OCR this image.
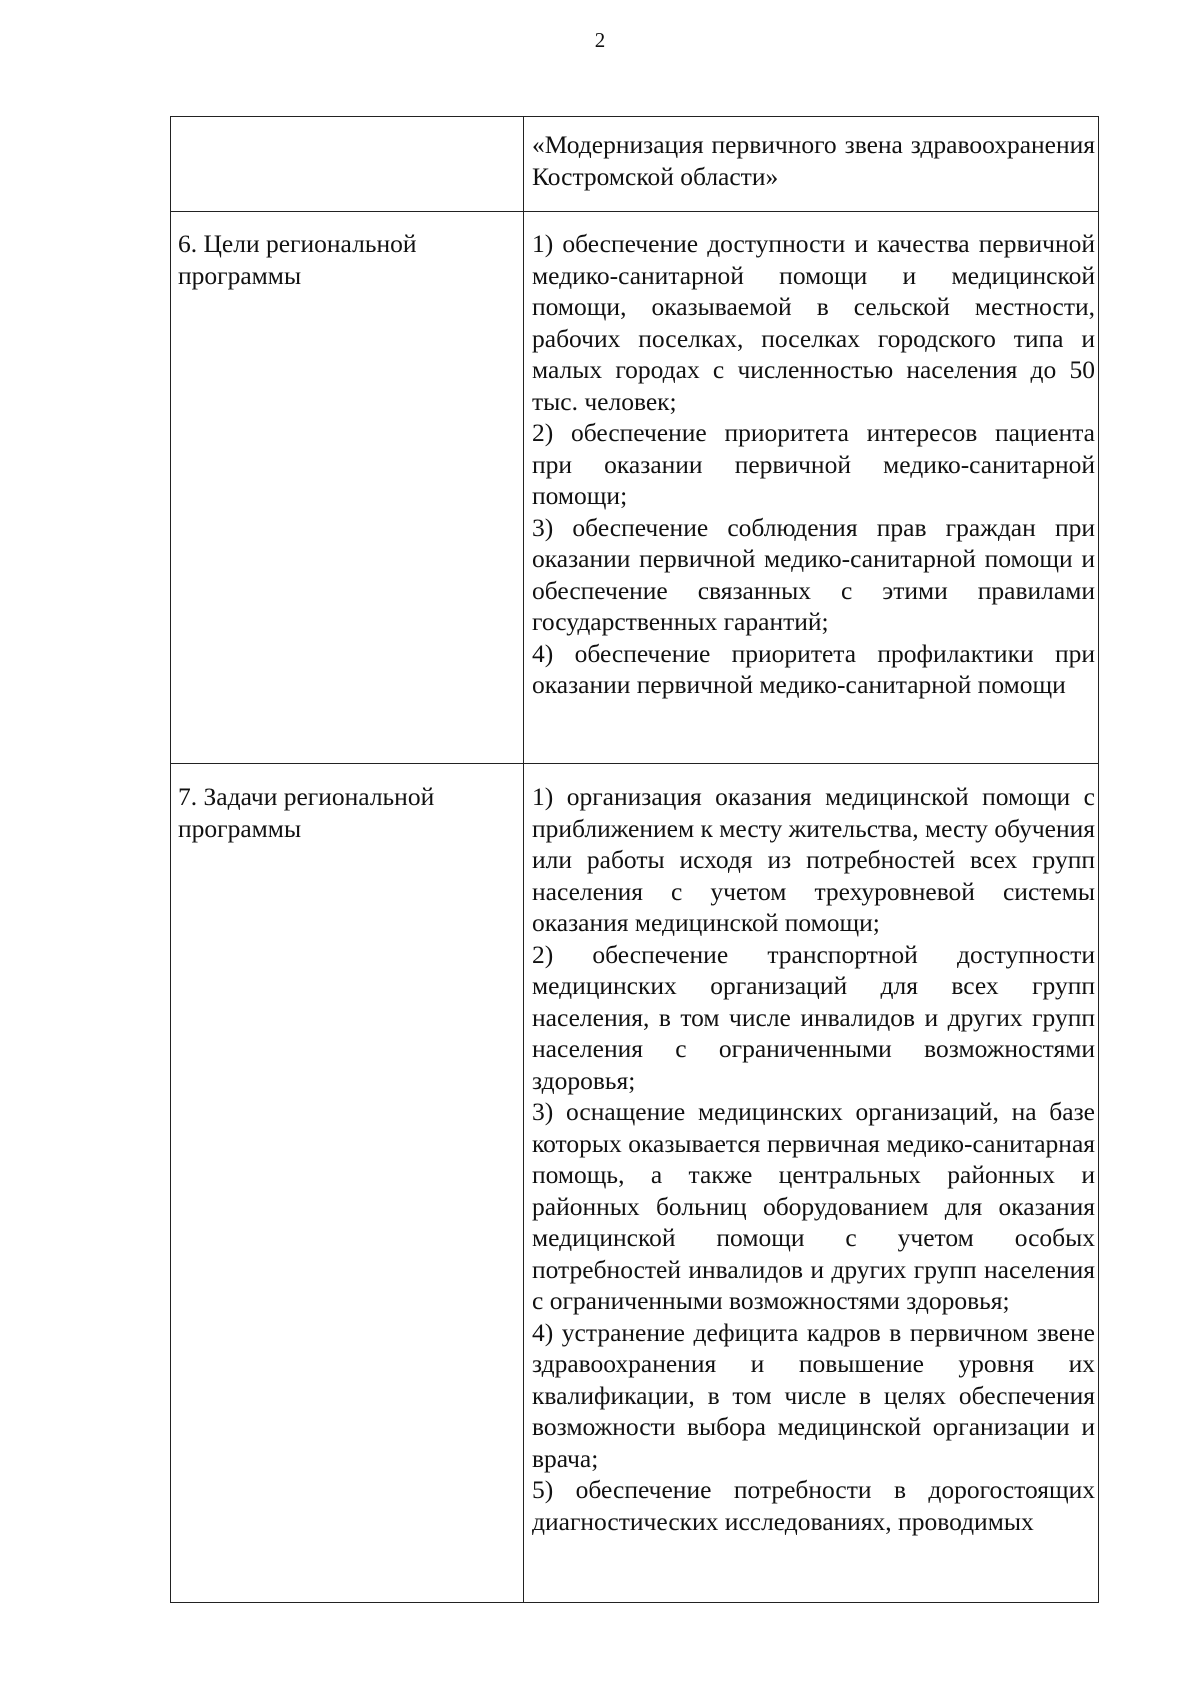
2

	«Модернизация первичного звена здравоохранения Костромской области»

6. Цели региональной программы	1) обеспечение доступности и качества первичной медико-санитарной помощи и медицинской помощи, оказываемой в сельской местности, рабочих поселках, поселках городского типа и малых городах с численностью населения до 50 тыс. человек;

2) обеспечение приоритета интересов пациента при оказании первичной медико-санитарной помощи;

3) обеспечение соблюдения прав граждан при оказании первичной медико-санитарной помощи и обеспечение связанных с этими правилами государственных гарантий;

4) обеспечение приоритета профилактики при оказании первичной медико-санитарной помощи

7. Задачи региональной программы	1) организация оказания медицинской помощи с приближением к месту жительства, месту обучения или работы исходя из потребностей всех групп населения с учетом трехуровневой системы оказания медицинской помощи;

2) обеспечение транспортной доступности медицинских организаций для всех групп населения, в том числе инвалидов и других групп населения с ограниченными возможностями здоровья;

3) оснащение медицинских организаций, на базе которых оказывается первичная медико-санитарная помощь, а также центральных районных и районных больниц оборудованием для оказания медицинской помощи с учетом особых потребностей инвалидов и других групп населения с ограниченными возможностями здоровья;

4) устранение дефицита кадров в первичном звене здравоохранения и повышение уровня их квалификации, в том числе в целях обеспечения возможности выбора медицинской организации и врача;

5) обеспечение потребности в дорогостоящих диагностических исследованиях, проводимых
